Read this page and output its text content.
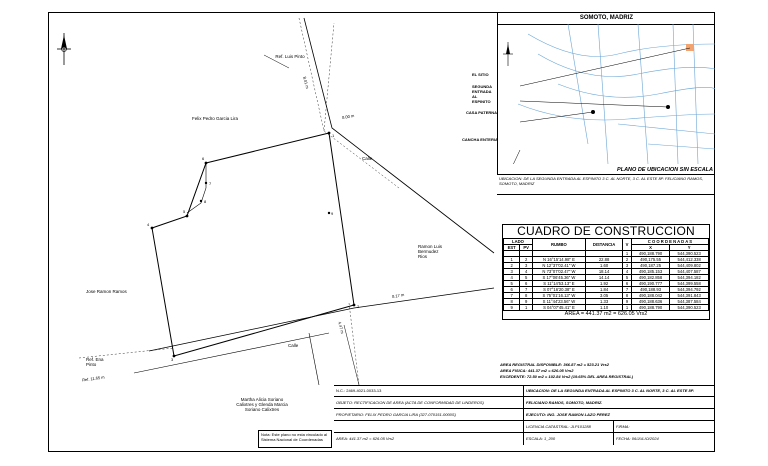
1
2
3
4
5
6
7
8
9
Ref. Luis Pinto
Felix Pedro Garcia Lira
Calle
Calle
Ramon Luis Bermudez Rios
Jose Ramon Ramos
Ref. Ena Pinto
Martha Alicia Soriano Calixtres y Glenda Marcia Soriano Calixtres
8.00 m
8.17 m
8.01 m
4.47 m
Ref. 11.65 m
SOMOTO, MADRIZ
PLANO DE UBICACION SIN ESCALA
EL SITIO
SEGUNDA ENTRADA AL ESPINITO
CASA PATERNA
CANCHA ENTERIA
UBICACION: DE LA SEGUNDA ENTRADA AL ESPINITO 3 C. AL NORTE, 3 C. AL ESTE 8P. FELICIANO RAMOS, SOMOTO, MADRIZ
CUADRO DE CONSTRUCCION
LADO		RUMBO	DISTANCIA	V	C O O R D E N A D A S	
EST	PV				X	Y
				1	490,188.790	544,390.523
1	2	N 16°15'14.98" E	22.88	2	490,175.55	544,412.338
2	3	N 12°37'02.41" W	1.60	3	490,187.25	544,409.802
3	4	N 73°07'02.47" W	18.14	4	490,185.153	544,407.587
4	5	S 17°06'45.36" W	14.14	5	490,182.858	544,394.182
5	6	S 11°14'53.13" E	1.92	6	490,190.777	544,399.558
6	7	S 07°16'20.38" E	1.84	7	490,188.93	544,394.792
7	8	S 75°01'16.13" W	3.05	8	490,188.042	544,391.843
8	9	S 11°44'23.56" W	1.33	9	490,188.636	544,387.584
9	1	S 04°07'45.41" E	1.10	1	490,188.790	544,390.523
AREA = 441.37 m2 = 626.05 Vrs2
AREA REGISTRAL DISPONIBLE: 366.87 m2 = 523.21 Vrs2
AREA FISICA: 441.37 m2 = 626.05 Vrs2
EXCEDENTE: 72.50 m2 = 102.84 Vrs2 (19.65% DEL AREA REGISTRAL)
N.C.: 2469-4021-0033-13	UBICACION: DE LA SEGUNDA ENTRADA AL ESPINITO 3 C. AL NORTE, 3 C. AL ESTE 8P.
OBJETO: RECTIFICACION DE AREA (ACTA DE CONFORMIDAD DE LINDEROS)	FELICIANO RAMOS, SOMOTO, MADRIZ.
PROPIETARIO: FELIX PEDRO GARCIA LIRA (327-070151-0000S)	EJECUTO: ING. JOSE RAMON LAZO PEREZ
LICENCIA CATASTRAL: JLP101288	FIRMA:
AREA: 441.37 m2 = 626.05 Vrs2	ESCALA: 1_200	FECHA: 06/JULIO/2024
Nota: Este plano no esta vinculado al Sistema Nacional de Coordenadas
